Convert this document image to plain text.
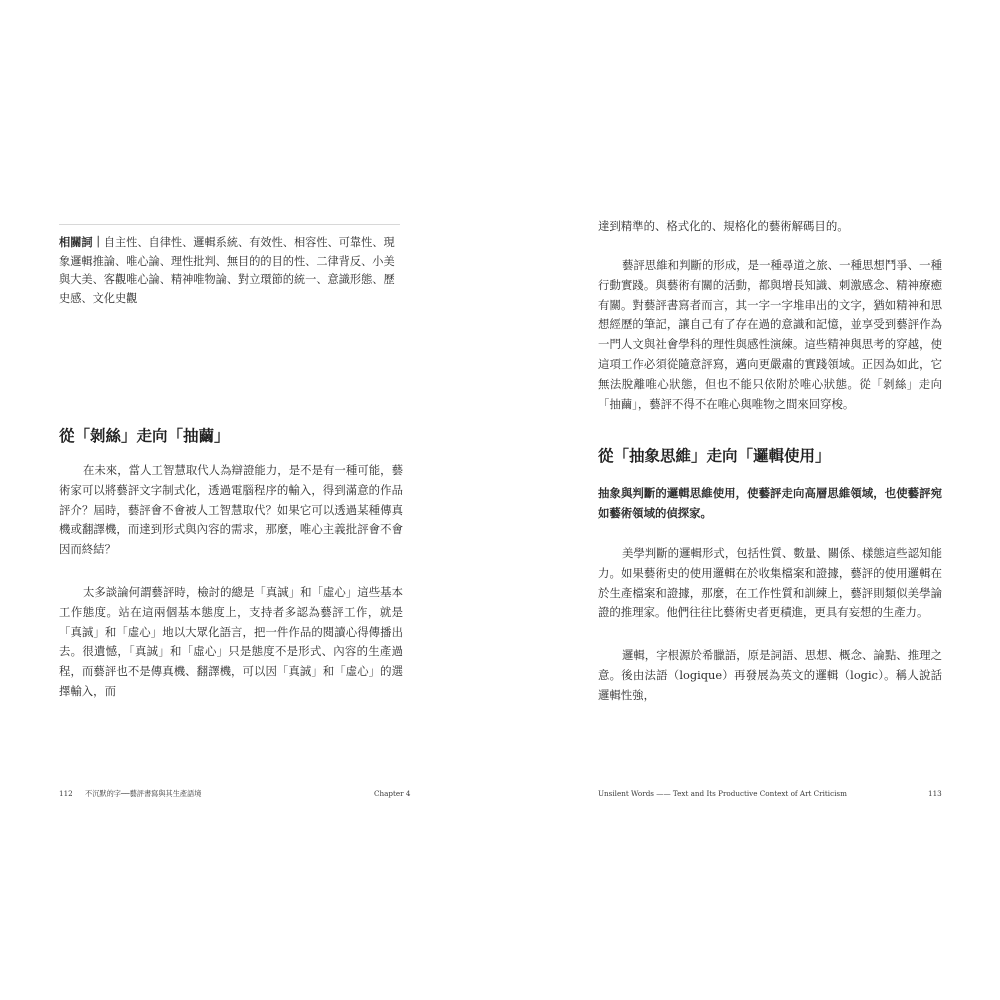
相關詞｜自主性、自律性、邏輯系統、有效性、相容性、可靠性、現象邏輯推論、唯心論、理性批判、無目的的目的性、二律背反、小美與大美、客觀唯心論、精神唯物論、對立環節的統一、意識形態、歷史感、文化史觀
從「剝絲」走向「抽繭」

在未來，當人工智慧取代人為辯證能力，是不是有一種可能，藝術家可以將藝評文字制式化，透過電腦程序的輸入，得到滿意的作品評介？屆時，藝評會不會被人工智慧取代？如果它可以透過某種傳真機或翻譯機，而達到形式與內容的需求，那麼，唯心主義批評會不會因而終結？

太多談論何謂藝評時，檢討的總是「真誠」和「虛心」這些基本工作態度。站在這兩個基本態度上，支持者多認為藝評工作，就是「真誠」和「虛心」地以大眾化語言，把一件作品的閱讀心得傳播出去。很遺憾，「真誠」和「虛心」只是態度不是形式、內容的生產過程，而藝評也不是傳真機、翻譯機，可以因「真誠」和「虛心」的選擇輸入，而

112 不沉默的字──藝評書寫與其生產語境	Chapter 4

達到精準的、格式化的、規格化的藝術解碼目的。

藝評思維和判斷的形成，是一種尋道之旅、一種思想鬥爭、一種行動實踐。與藝術有關的活動，都與增長知識、刺激感念、精神療癒有關。對藝評書寫者而言，其一字一字堆串出的文字，猶如精神和思想經歷的筆記，讓自己有了存在過的意識和記憶，並享受到藝評作為一門人文與社會學科的理性與感性演練。這些精神與思考的穿越，使這項工作必須從隨意評寫，邁向更嚴肅的實踐領域。正因為如此，它無法脫離唯心狀態，但也不能只依附於唯心狀態。從「剝絲」走向「抽繭」，藝評不得不在唯心與唯物之間來回穿梭。

從「抽象思維」走向「邏輯使用」

抽象與判斷的邏輯思維使用，使藝評走向高層思維領域，也使藝評宛如藝術領域的偵探家。

美學判斷的邏輯形式，包括性質、數量、關係、樣態這些認知能力。如果藝術史的使用邏輯在於收集檔案和證據，藝評的使用邏輯在於生產檔案和證據，那麼，在工作性質和訓練上，藝評則類似美學論證的推理家。他們往往比藝術史者更積進，更具有妄想的生產力。

邏輯，字根源於希臘語，原是詞語、思想、概念、論點、推理之意。後由法語（logique）再發展為英文的邏輯（logic）。稱人說話邏輯性強，

Unsilent Words —— Text and Its Productive Context of Art Criticism	113
